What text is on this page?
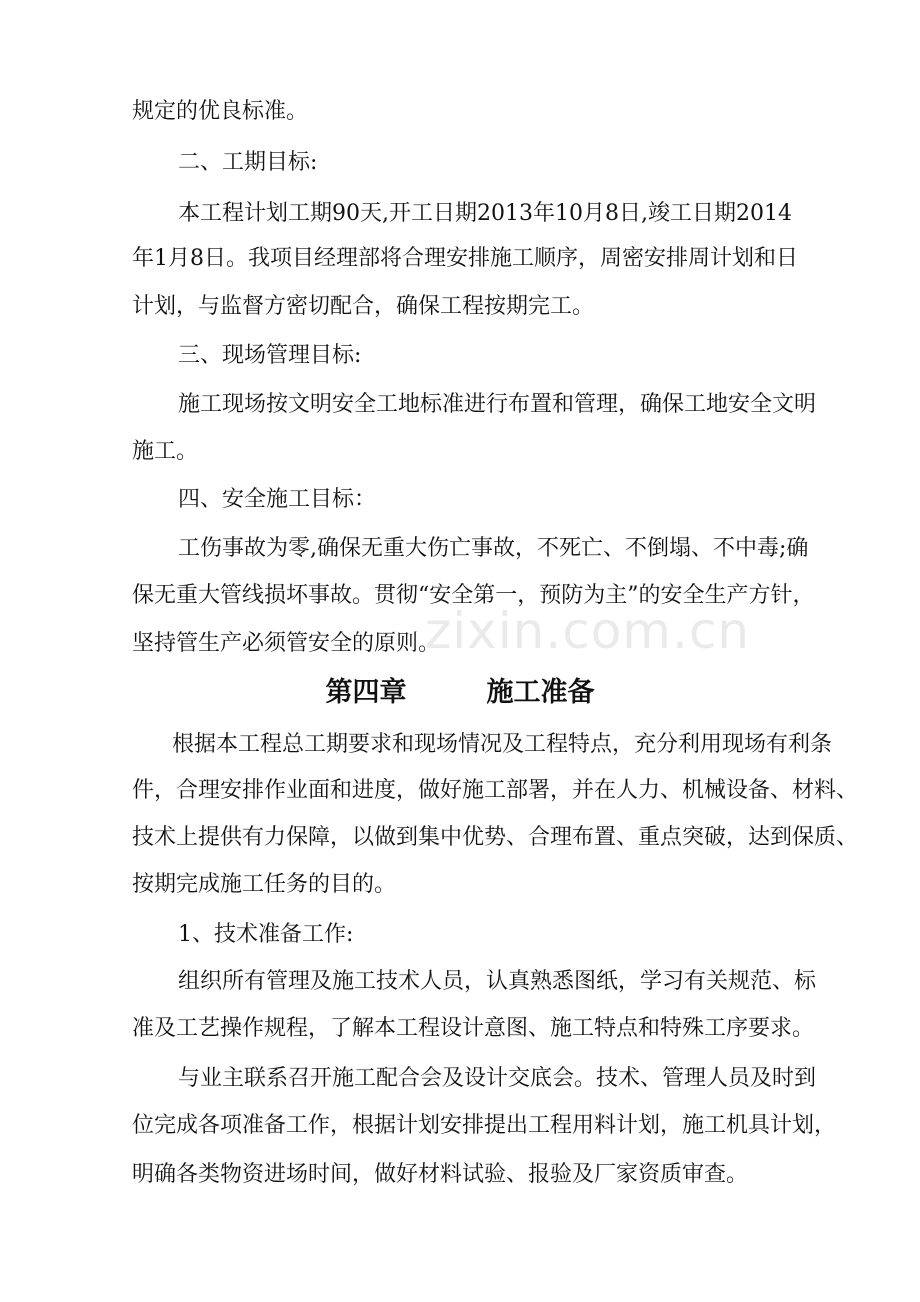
规定的优良标准。
二、工期目标:
本工程计划工期90天,开工日期2013年10月8日,竣工日期2014
年1月8日。我项目经理部将合理安排施工顺序，周密安排周计划和日
计划，与监督方密切配合，确保工程按期完工。
三、现场管理目标:
施工现场按文明安全工地标准进行布置和管理，确保工地安全文明
施工。
四、安全施工目标：
工伤事故为零,确保无重大伤亡事故，不死亡、不倒塌、不中毒;确
保无重大管线损坏事故。贯彻“安全第一，预防为主”的安全生产方针，
坚持管生产必须管安全的原则。
zixin.com.cn
第四章	施工准备
根据本工程总工期要求和现场情况及工程特点，充分利用现场有利条
件，合理安排作业面和进度，做好施工部署，并在人力、机械设备、材料、
技术上提供有力保障，以做到集中优势、合理布置、重点突破，达到保质、
按期完成施工任务的目的。
1、技术准备工作:
组织所有管理及施工技术人员，认真熟悉图纸，学习有关规范、标
准及工艺操作规程，了解本工程设计意图、施工特点和特殊工序要求。
与业主联系召开施工配合会及设计交底会。技术、管理人员及时到
位完成各项准备工作，根据计划安排提出工程用料计划，施工机具计划，
明确各类物资进场时间，做好材料试验、报验及厂家资质审查。
